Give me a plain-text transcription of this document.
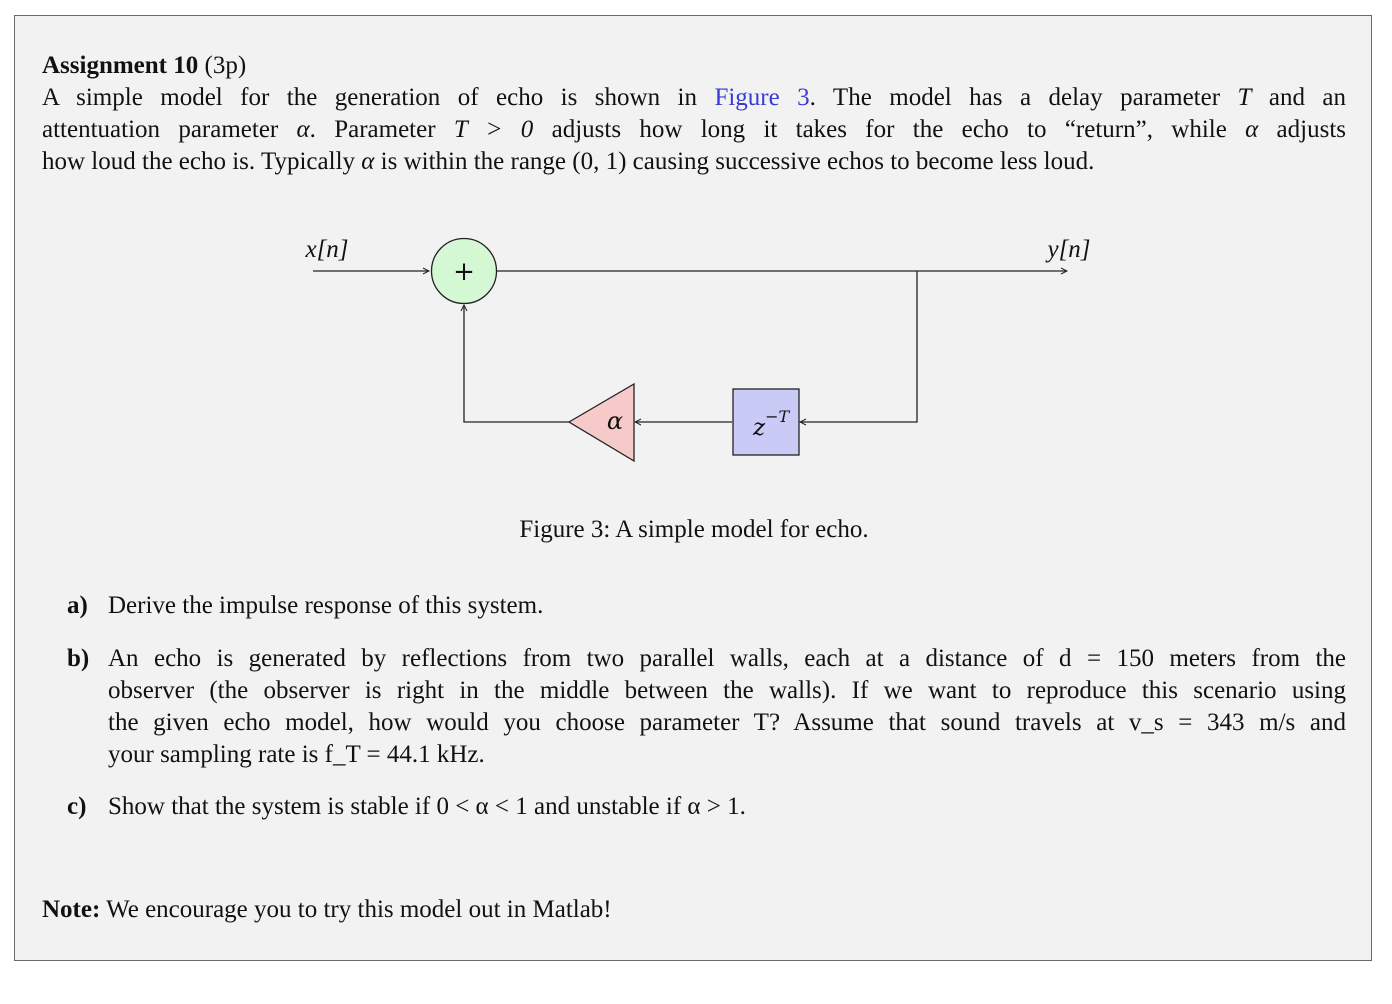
Assignment 10 (3p)
A simple model for the generation of echo is shown in Figure 3. The model has a delay parameter T and an
attentuation parameter α. Parameter T > 0 adjusts how long it takes for the echo to “return”, while α adjusts
how loud the echo is. Typically α is within the range (0, 1) causing successive echos to become less loud.
+
α	$z^{-T}$
x[n]	y[n]
Figure 3: A simple model for echo.
a) Derive the impulse response of this system.
b) An echo is generated by reflections from two parallel walls, each at a distance of d = 150 meters from the
observer (the observer is right in the middle between the walls). If we want to reproduce this scenario using
the given echo model, how would you choose parameter T? Assume that sound travels at v_s = 343 m/s and
your sampling rate is f_T = 44.1 kHz.
c) Show that the system is stable if 0 < α < 1 and unstable if α > 1.
Note: We encourage you to try this model out in Matlab!
